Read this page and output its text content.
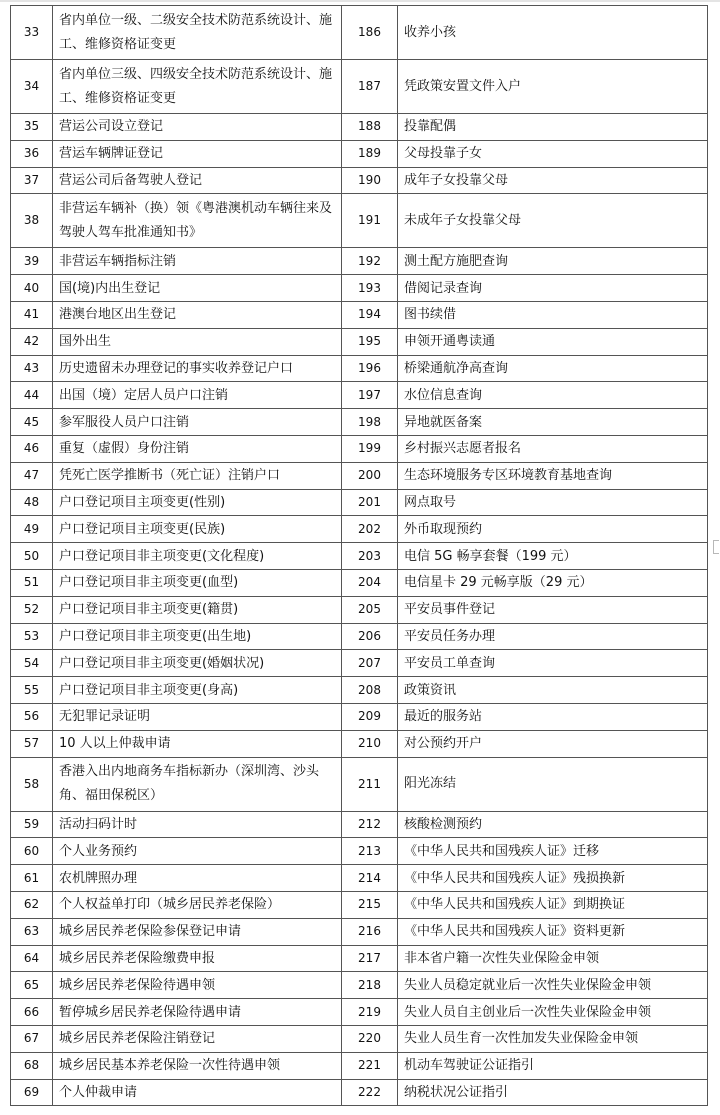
33	省内单位一级、二级安全技术防范系统设计、施工、维修资格证变更	186	收养小孩
34	省内单位三级、四级安全技术防范系统设计、施工、维修资格证变更	187	凭政策安置文件入户
35	营运公司设立登记	188	投靠配偶
36	营运车辆牌证登记	189	父母投靠子女
37	营运公司后备驾驶人登记	190	成年子女投靠父母
38	非营运车辆补（换）领《粤港澳机动车辆往来及驾驶人驾车批准通知书》	191	未成年子女投靠父母
39	非营运车辆指标注销	192	测土配方施肥查询
40	国(境)内出生登记	193	借阅记录查询
41	港澳台地区出生登记	194	图书续借
42	国外出生	195	申领开通粤读通
43	历史遗留未办理登记的事实收养登记户口	196	桥梁通航净高查询
44	出国（境）定居人员户口注销	197	水位信息查询
45	参军服役人员户口注销	198	异地就医备案
46	重复（虚假）身份注销	199	乡村振兴志愿者报名
47	凭死亡医学推断书（死亡证）注销户口	200	生态环境服务专区环境教育基地查询
48	户口登记项目主项变更(性别)	201	网点取号
49	户口登记项目主项变更(民族)	202	外币取现预约
50	户口登记项目非主项变更(文化程度)	203	电信 5G 畅享套餐（199 元）
51	户口登记项目非主项变更(血型)	204	电信星卡 29 元畅享版（29 元）
52	户口登记项目非主项变更(籍贯)	205	平安员事件登记
53	户口登记项目非主项变更(出生地)	206	平安员任务办理
54	户口登记项目非主项变更(婚姻状况)	207	平安员工单查询
55	户口登记项目非主项变更(身高)	208	政策资讯
56	无犯罪记录证明	209	最近的服务站
57	10 人以上仲裁申请	210	对公预约开户
58	香港入出内地商务车指标新办（深圳湾、沙头角、福田保税区）	211	阳光冻结
59	活动扫码计时	212	核酸检测预约
60	个人业务预约	213	《中华人民共和国残疾人证》迁移
61	农机牌照办理	214	《中华人民共和国残疾人证》残损换新
62	个人权益单打印（城乡居民养老保险）	215	《中华人民共和国残疾人证》到期换证
63	城乡居民养老保险参保登记申请	216	《中华人民共和国残疾人证》资料更新
64	城乡居民养老保险缴费申报	217	非本省户籍一次性失业保险金申领
65	城乡居民养老保险待遇申领	218	失业人员稳定就业后一次性失业保险金申领
66	暂停城乡居民养老保险待遇申请	219	失业人员自主创业后一次性失业保险金申领
67	城乡居民养老保险注销登记	220	失业人员生育一次性加发失业保险金申领
68	城乡居民基本养老保险一次性待遇申领	221	机动车驾驶证公证指引
69	个人仲裁申请	222	纳税状况公证指引
